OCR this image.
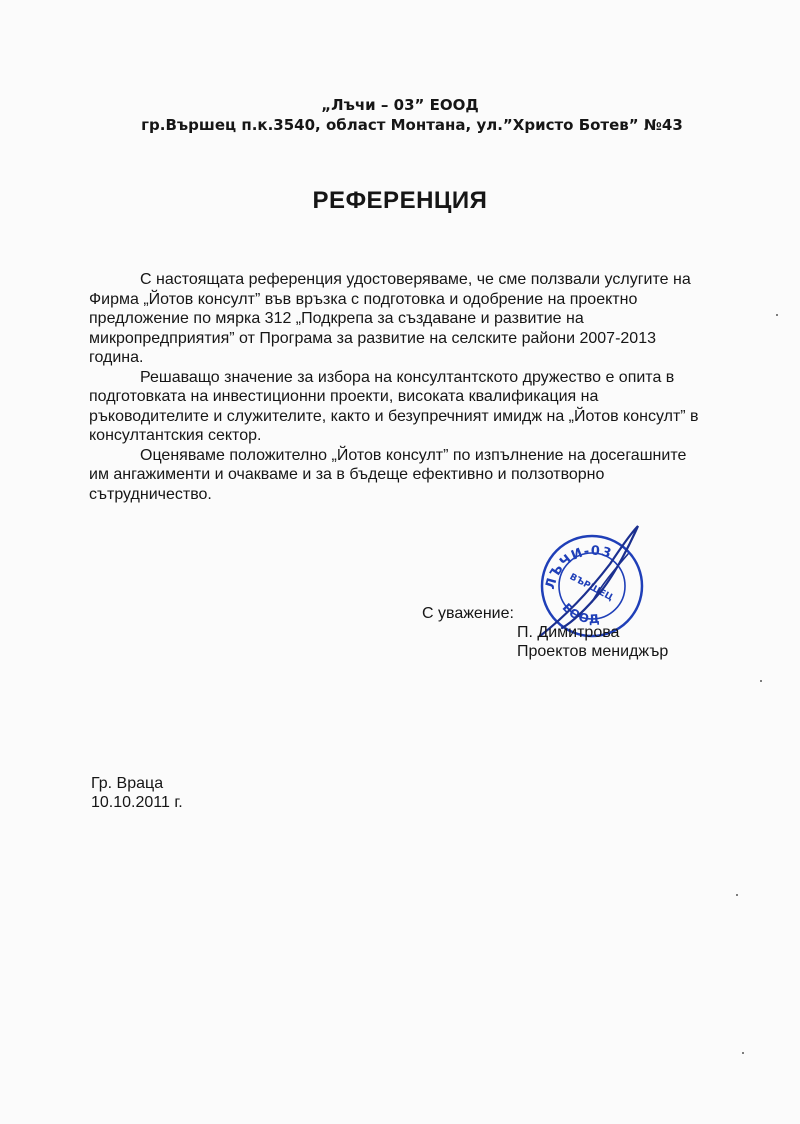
„Лъчи – 03” ЕООД
гр.Вършец п.к.3540, област Монтана, ул.”Христо Ботев” №43
РЕФЕРЕНЦИЯ

С настоящата референция удостоверяваме, че сме ползвали услугите на Фирма „Йотов консулт” във връзка с подготовка и одобрение на проектно предложение по мярка 312 „Подкрепа за създаване и развитие на микропредприятия” от Програма за развитие на селските райони 2007-2013 година.

Решаващо значение за избора на консултантското дружество е опита в подготовката на инвестиционни проекти, високата квалификация на ръководителите и служителите, както и безупречният имидж на „Йотов консулт” в консултантския сектор.

Оценяваме положително „Йотов консулт” по изпълнение на досегашните им ангажименти и очакваме и за в бъдеще ефективно и ползотворно сътрудничество.

ЛЪЧИ-03
ВЪРШЕЦ
ЕООД
С уважение:
П. Димитрова
Проектов мениджър
Гр. Враца
10.10.2011 г.
